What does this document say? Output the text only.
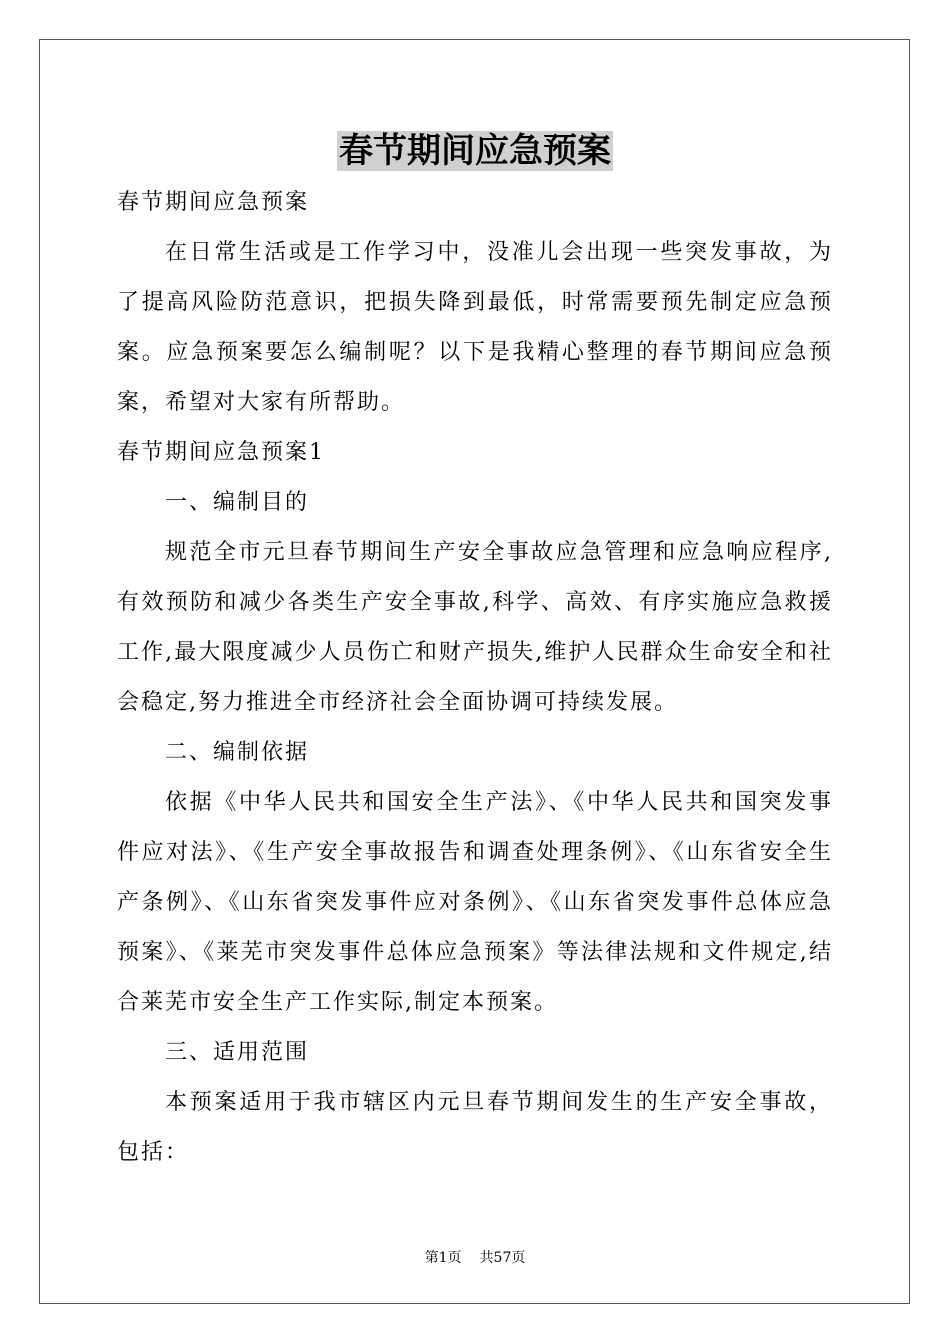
春节期间应急预案

春节期间应急预案

在日常生活或是工作学习中，没准儿会出现一些突发事故，为了提高风险防范意识，把损失降到最低，时常需要预先制定应急预案。应急预案要怎么编制呢？以下是我精心整理的春节期间应急预案，希望对大家有所帮助。

春节期间应急预案1

一、编制目的

规范全市元旦春节期间生产安全事故应急管理和应急响应程序,有效预防和减少各类生产安全事故,科学、高效、有序实施应急救援工作,最大限度减少人员伤亡和财产损失,维护人民群众生命安全和社会稳定,努力推进全市经济社会全面协调可持续发展。

二、编制依据

依据《中华人民共和国安全生产法》、《中华人民共和国突发事件应对法》、《生产安全事故报告和调查处理条例》、《山东省安全生产条例》、《山东省突发事件应对条例》、《山东省突发事件总体应急预案》、《莱芜市突发事件总体应急预案》等法律法规和文件规定,结合莱芜市安全生产工作实际,制定本预案。

三、适用范围

本预案适用于我市辖区内元旦春节期间发生的生产安全事故，包括：

第1页 共57页
